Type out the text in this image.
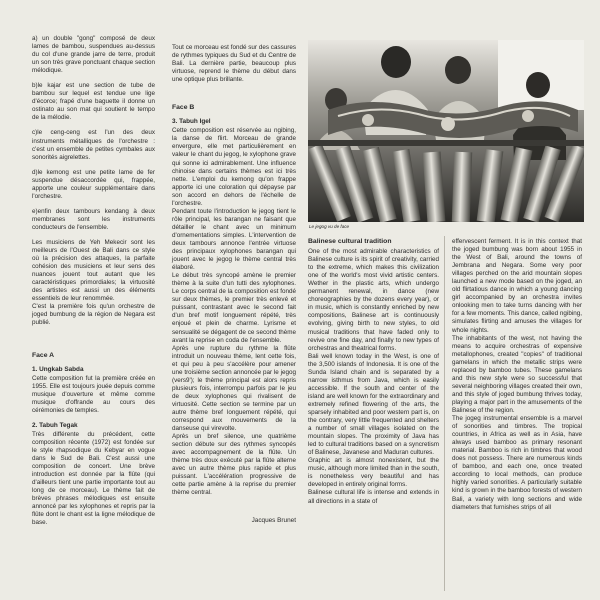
a) un double "gong" composé de deux lames de bambou, suspendues au-dessus du col d'une grande jarre de terre, produit un son très grave ponctuant chaque section mélodique.

b)le kajar est une section de tube de bambou sur lequel est tendue une lige d'écorce; frapé d'une baguette il donne un ostinato au son mat qui soutient le tempo de la mélodie.

c)le ceng-ceng est l'un des deux instruments métalliques de l'orchestre : c'est un ensemble de petites cymbales aux sonorités aigrelettes.

d)le kemong est une petite lame de fer suspendue désaccordée qui, frappée, apporte une couleur supplémentaire dans l'orchestre.

e)enfin deux tambours kendang à deux membranes sont les instruments conducteurs de l'ensemble.

Les musiciens de Yeh Mekecir sont les meilleurs de l'Ouest de Bali dans ce style où la précision des attaques, la parfaite cohésion des musiciens et leur sens des nuances jouent tout autant que les caractéristiques primordiales; la virtuosité des artistes est aussi un des éléments essentiels de leur renommée.

C'est la première fois qu'un orchestre de joged bumbung de la région de Negara est publié.

Face A
1. Ungkab Sabda

Cette composition fut la première créée en 1955. Elle est toujours jouée depuis comme musique d'ouverture et même comme musique d'offrande au cours des cérémonies de temples.

2. Tabuh Tegak

Très différente du précédent, cette composition récente (1972) est fondée sur le style rhapsodique du Kebyar en vogue dans le Sud de Bali. C'est aussi une composition de concert. Une brève introduction est donnée par la flûte (qui d'ailleurs tient une partie importante tout au long de ce morceau). Le thème fait de brèves phrases mélodiques est ensuite annoncé par les xylophones et repris par la flûte dont le chant est la ligne mélodique de base.

Tout ce morceau est fondé sur des cassures de rythmes typiques du Sud et du Centre de Bali. La dernière partie, beaucoup plus virtuose, reprend le thème du début dans une optique plus brillante.

Face B
3. Tabuh Igel

Cette composition est réservée au ngibing, la danse de flirt. Morceau de grande envergure, elle met particulièrement en valeur le chant du jegog, le xylophone grave qui sonne ici admirablement. Une influence chinoise dans certains thèmes est ici très nette. L'emploi du kemong qu'on frappe apporte ici une coloration qui dépayse par son accord en dehors de l'échelle de l'orchestre.

Pendant toute l'introduction le jegog tient le rôle principal, les barangan ne faisant que détailler le chant avec un minimum d'ornementations simples. L'intervention de deux tambours annonce l'entrée virtuose des principaux xylophones barangan qui jouent avec le jegog le thème central très élaboré.

Le début très syncopé amène le premier thème à la suite d'un tutti des xylophones. Le corps central de la composition est fondé sur deux thèmes, le premier très enlevé et puissant, contrastant avec le second fait d'un bref motif longuement répété, très enjoué et plein de charme. Lyrisme et sensualité se dégagent de ce second thème avant la reprise en coda de l'ensemble.

Après une rupture du rythme la flûte introduit un nouveau thème, lent cette fois, et qui peu à peu s'accélère pour amener une troisième section annoncée par le jegog (vers9'); le thème principal est alors repris plusieurs fois, interrompu parfois par le jeu de deux xylophones qui rivalisent de virtuosité. Cette section se termine par un autre thème bref longuement répété, qui correspond aux mouvements de la danseuse qui virevolte.

Après un bref silence, une quatrième section débute sur des rythmes syncopés avec accompagnement de la flûte. Un thème très doux exécuté par la flûte alterne avec un autre thème plus rapide et plus puissant. L'accélération progressive de cette partie amène à la reprise du premier thème central.

Jacques Brunet
Le jegog vu de face
Balinese cultural tradition

One of the most admirable characteristics of Balinese culture is its spirit of creativity, carried to the extreme, which makes this civilization one of the world's most vivid artistic centers. Wether in the plastic arts, which undergo permanent renewal, in dance (new choreographies by the dozens every year), or in music, which is constantly enriched by new compositions, Balinese art is continuously evolving, giving birth to new styles, to old musical traditions that have faded only to revive one fine day, and finally to new types of orchestras and theatrical forms.

Bali well known today in the West, is one of the 3,500 islands of Indonesia. It is one of the Sunda Island chain and is separated by a narrow isthmus from Java, which is easily accessible. If the south and center of the island are well known for the extraordinary and extremely refined flowering of the arts, the sparsely inhabited and poor western part is, on the contrary, very little frequented and shelters a number of small villages isolated on the mountain slopes. The proximity of Java has led to cultural traditions based on a syncretism of Balinese, Javanese and Maduran cultures.

Graphic art is almost nonexistent, but the music, although more limited than in the south, is nonetheless very beautiful and has developed in entirely original forms.

Balinese cultural life is intense and extends in all directions in a state of

effervescent ferment. It is in this context that the joged bumbung was born about 1955 in the West of Bali, around the towns of Jembrana and Negara. Some very poor villages perched on the arid mountain slopes launched a new mode based on the joged, an old flirtatious dance in which a young dancing girl accompanied by an orchestra invites onlooking men to take turns dancing with her for a few moments. This dance, called ngibing, simulates flirting and amuses the villages for whole nights.

The inhabitants of the west, not having the means to acquire orchestras of expensive metallophones, created "copies" of traditional gamelans in which the metallic strips were replaced by bamboo tubes. These gamelans and this new style were so successful that several neighboring villages created their own, and this style of joged bumbung thrives today, playing a major part in the amusements of the Balinese of the region.

The jogeg instrumental ensemble is a marvel of sonorities and timbres. The tropical countries, in Africa as well as in Asia, have always used bamboo as primary resonant material. Bamboo is rich in timbres that wood does not possess. There are numerous kinds of bamboo, and each one, once treated according to local methods, can produce highly varied sonorities. A particularly suitable kind is grown in the bamboo forests of western Bali, a variety with long sections and wide diameters that furnishes strips of all
